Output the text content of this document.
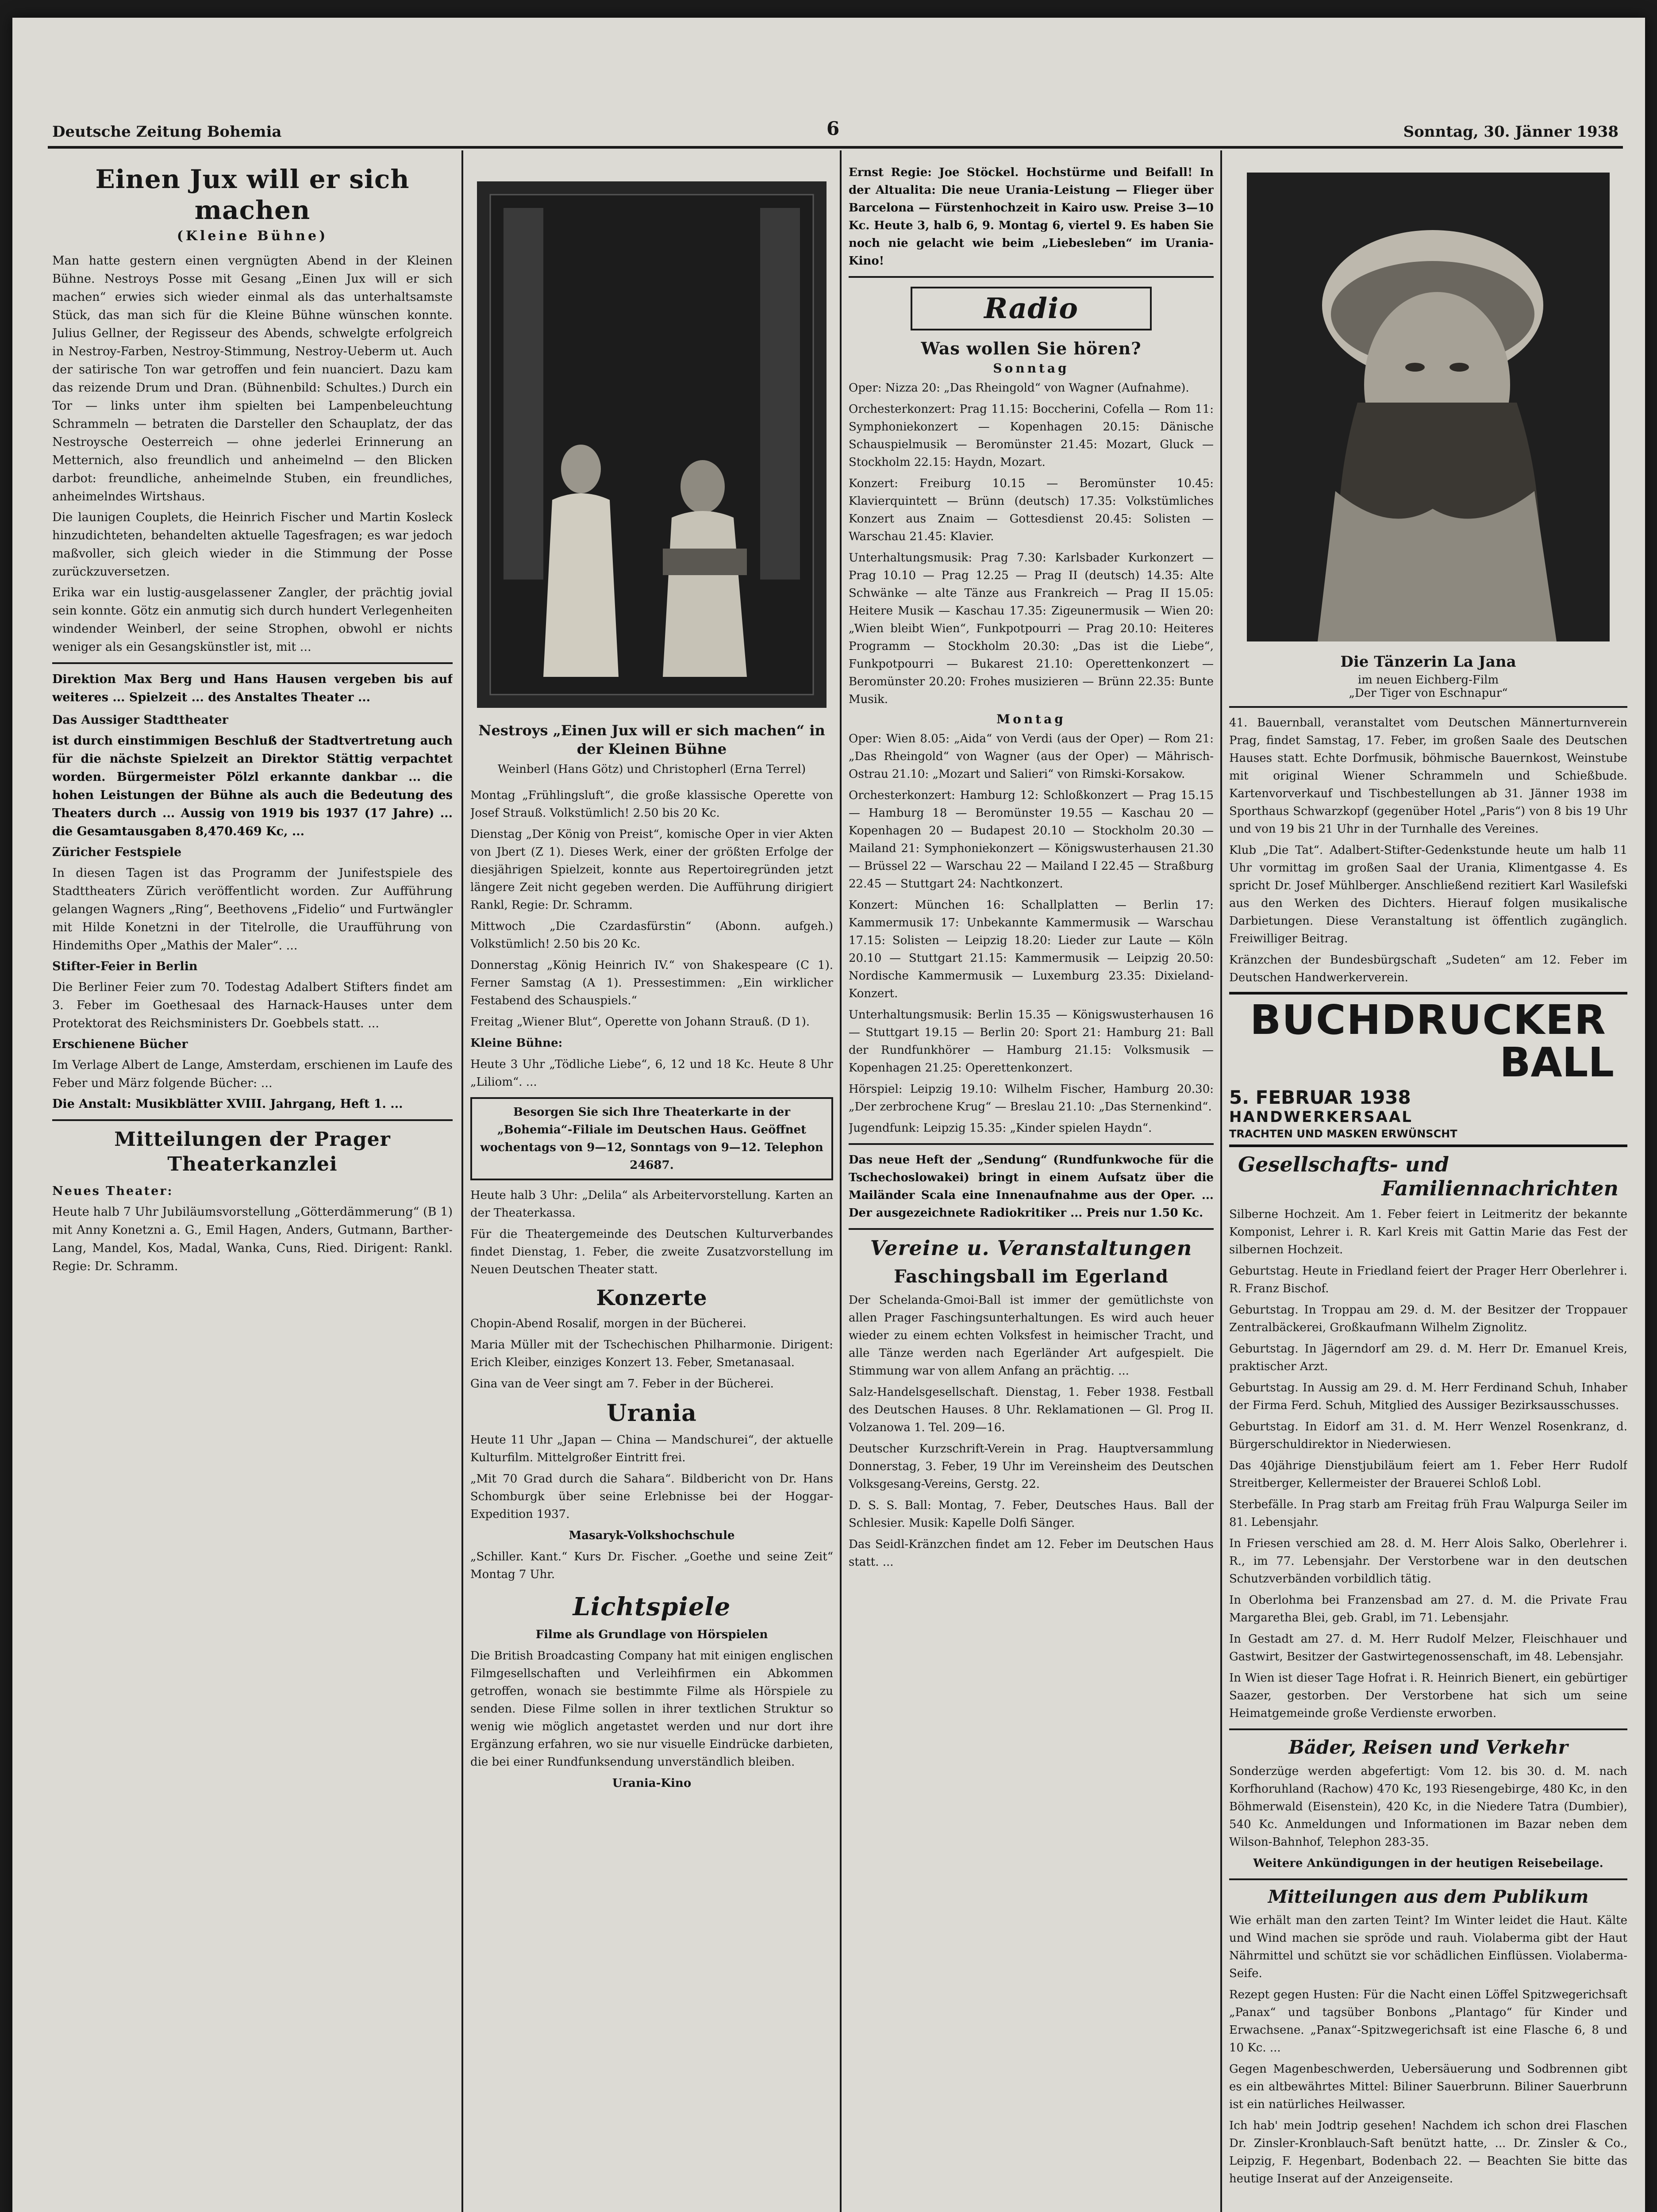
Deutsche Zeitung Bohemia	6	Sonntag, 30. Jänner 1938
Einen Jux will er sich machen
(Kleine Bühne)

Man hatte gestern einen vergnügten Abend in der Kleinen Bühne. Nestroys Posse mit Gesang „Einen Jux will er sich machen“ erwies sich wieder einmal als das unterhaltsamste Stück, das man sich für die Kleine Bühne wünschen konnte. Julius Gellner, der Regisseur des Abends, schwelgte erfolgreich in Nestroy-Farben, Nestroy-Stimmung, Nestroy-Ueberm ut. Auch der satirische Ton war getroffen und fein nuanciert. Dazu kam das reizende Drum und Dran. (Bühnenbild: Schultes.) Durch ein Tor — links unter ihm spielten bei Lampenbeleuchtung Schrammeln — betraten die Darsteller den Schauplatz, der das Nestroysche Oesterreich — ohne jederlei Erinnerung an Metternich, also freundlich und anheimelnd — den Blicken darbot: freundliche, anheimelnde Stuben, ein freundliches, anheimelndes Wirtshaus.

Die launigen Couplets, die Heinrich Fischer und Martin Kosleck hinzudichteten, behandelten aktuelle Tagesfragen; es war jedoch maßvoller, sich gleich wieder in die Stimmung der Posse zurückzuversetzen.

Erika war ein lustig-ausgelassener Zangler, der prächtig jovial sein konnte. Götz ein anmutig sich durch hundert Verlegenheiten windender Weinberl, der seine Strophen, obwohl er nichts weniger als ein Gesangskünstler ist, mit ...

Direktion Max Berg und Hans Hausen vergeben bis auf weiteres ... Spielzeit ... des Anstaltes Theater ...

Das Aussiger Stadttheater

ist durch einstimmigen Beschluß der Stadtvertretung auch für die nächste Spielzeit an Direktor Stättig verpachtet worden. Bürgermeister Pölzl erkannte dankbar ... die hohen Leistungen der Bühne als auch die Bedeutung des Theaters durch ... Aussig von 1919 bis 1937 (17 Jahre) ... die Gesamtausgaben 8,470.469 Kc, ...

Züricher Festspiele

In diesen Tagen ist das Programm der Junifestspiele des Stadttheaters Zürich veröffentlicht worden. Zur Aufführung gelangen Wagners „Ring“, Beethovens „Fidelio“ und Furtwängler mit Hilde Konetzni in der Titelrolle, die Uraufführung von Hindemiths Oper „Mathis der Maler“. ...

Stifter-Feier in Berlin

Die Berliner Feier zum 70. Todestag Adalbert Stifters findet am 3. Feber im Goethesaal des Harnack-Hauses unter dem Protektorat des Reichsministers Dr. Goebbels statt. ...

Erschienene Bücher

Im Verlage Albert de Lange, Amsterdam, erschienen im Laufe des Feber und März folgende Bücher: ...

Die Anstalt: Musikblätter XVIII. Jahrgang, Heft 1. ...

Mitteilungen der Prager Theaterkanzlei

Neues Theater:

Heute halb 7 Uhr Jubiläumsvorstellung „Götterdämmerung“ (B 1) mit Anny Konetzni a. G., Emil Hagen, Anders, Gutmann, Barther-Lang, Mandel, Kos, Madal, Wanka, Cuns, Ried. Dirigent: Rankl. Regie: Dr. Schramm.

Nestroys „Einen Jux will er sich machen“ in der Kleinen Bühne
Weinberl (Hans Götz) und Christopherl (Erna Terrel)

Montag „Frühlingsluft“, die große klassische Operette von Josef Strauß. Volkstümlich! 2.50 bis 20 Kc.

Dienstag „Der König von Preist“, komische Oper in vier Akten von Jbert (Z 1). Dieses Werk, einer der größten Erfolge der diesjährigen Spielzeit, konnte aus Repertoiregründen jetzt längere Zeit nicht gegeben werden. Die Aufführung dirigiert Rankl, Regie: Dr. Schramm.

Mittwoch „Die Czardasfürstin“ (Abonn. aufgeh.) Volkstümlich! 2.50 bis 20 Kc.

Donnerstag „König Heinrich IV.“ von Shakespeare (C 1). Ferner Samstag (A 1). Pressestimmen: „Ein wirklicher Festabend des Schauspiels.“

Freitag „Wiener Blut“, Operette von Johann Strauß. (D 1).

Kleine Bühne:

Heute 3 Uhr „Tödliche Liebe“, 6, 12 und 18 Kc. Heute 8 Uhr „Liliom“. ...

Besorgen Sie sich Ihre Theaterkarte in der „Bohemia“-Filiale im Deutschen Haus. Geöffnet wochentags von 9—12, Sonntags von 9—12. Telephon 24687.

Heute halb 3 Uhr: „Delila“ als Arbeitervorstellung. Karten an der Theaterkassa.

Für die Theatergemeinde des Deutschen Kulturverbandes findet Dienstag, 1. Feber, die zweite Zusatzvorstellung im Neuen Deutschen Theater statt.

Konzerte

Chopin-Abend Rosalif, morgen in der Bücherei.

Maria Müller mit der Tschechischen Philharmonie. Dirigent: Erich Kleiber, einziges Konzert 13. Feber, Smetanasaal.

Gina van de Veer singt am 7. Feber in der Bücherei.

Urania

Heute 11 Uhr „Japan — China — Mandschurei“, der aktuelle Kulturfilm. Mittelgroßer Eintritt frei.

„Mit 70 Grad durch die Sahara“. Bildbericht von Dr. Hans Schomburgk über seine Erlebnisse bei der Hoggar-Expedition 1937.

Masaryk-Volkshochschule

„Schiller. Kant.“ Kurs Dr. Fischer. „Goethe und seine Zeit“ Montag 7 Uhr.

Lichtspiele

Filme als Grundlage von Hörspielen

Die British Broadcasting Company hat mit einigen englischen Filmgesellschaften und Verleihfirmen ein Abkommen getroffen, wonach sie bestimmte Filme als Hörspiele zu senden. Diese Filme sollen in ihrer textlichen Struktur so wenig wie möglich angetastet werden und nur dort ihre Ergänzung erfahren, wo sie nur visuelle Eindrücke darbieten, die bei einer Rundfunksendung unverständlich bleiben.

Urania-Kino

Ernst Regie: Joe Stöckel. Hochstürme und Beifall! In der Altualita: Die neue Urania-Leistung — Flieger über Barcelona — Fürstenhochzeit in Kairo usw. Preise 3—10 Kc. Heute 3, halb 6, 9. Montag 6, viertel 9. Es haben Sie noch nie gelacht wie beim „Liebesleben“ im Urania-Kino!

Radio
Was wollen Sie hören?
Sonntag

Oper: Nizza 20: „Das Rheingold“ von Wagner (Aufnahme).

Orchesterkonzert: Prag 11.15: Boccherini, Cofella — Rom 11: Symphoniekonzert — Kopenhagen 20.15: Dänische Schauspielmusik — Beromünster 21.45: Mozart, Gluck — Stockholm 22.15: Haydn, Mozart.

Konzert: Freiburg 10.15 — Beromünster 10.45: Klavierquintett — Brünn (deutsch) 17.35: Volkstümliches Konzert aus Znaim — Gottesdienst 20.45: Solisten — Warschau 21.45: Klavier.

Unterhaltungsmusik: Prag 7.30: Karlsbader Kurkonzert — Prag 10.10 — Prag 12.25 — Prag II (deutsch) 14.35: Alte Schwänke — alte Tänze aus Frankreich — Prag II 15.05: Heitere Musik — Kaschau 17.35: Zigeunermusik — Wien 20: „Wien bleibt Wien“, Funkpotpourri — Prag 20.10: Heiteres Programm — Stockholm 20.30: „Das ist die Liebe“, Funkpotpourri — Bukarest 21.10: Operettenkonzert — Beromünster 20.20: Frohes musizieren — Brünn 22.35: Bunte Musik.

Montag

Oper: Wien 8.05: „Aida“ von Verdi (aus der Oper) — Rom 21: „Das Rheingold“ von Wagner (aus der Oper) — Mährisch-Ostrau 21.10: „Mozart und Salieri“ von Rimski-Korsakow.

Orchesterkonzert: Hamburg 12: Schloßkonzert — Prag 15.15 — Hamburg 18 — Beromünster 19.55 — Kaschau 20 — Kopenhagen 20 — Budapest 20.10 — Stockholm 20.30 — Mailand 21: Symphoniekonzert — Königswusterhausen 21.30 — Brüssel 22 — Warschau 22 — Mailand I 22.45 — Straßburg 22.45 — Stuttgart 24: Nachtkonzert.

Konzert: München 16: Schallplatten — Berlin 17: Kammermusik 17: Unbekannte Kammermusik — Warschau 17.15: Solisten — Leipzig 18.20: Lieder zur Laute — Köln 20.10 — Stuttgart 21.15: Kammermusik — Leipzig 20.50: Nordische Kammermusik — Luxemburg 23.35: Dixieland-Konzert.

Unterhaltungsmusik: Berlin 15.35 — Königswusterhausen 16 — Stuttgart 19.15 — Berlin 20: Sport 21: Hamburg 21: Ball der Rundfunkhörer — Hamburg 21.15: Volksmusik — Kopenhagen 21.25: Operettenkonzert.

Hörspiel: Leipzig 19.10: Wilhelm Fischer, Hamburg 20.30: „Der zerbrochene Krug“ — Breslau 21.10: „Das Sternenkind“.

Jugendfunk: Leipzig 15.35: „Kinder spielen Haydn“.

Das neue Heft der „Sendung“ (Rundfunkwoche für die Tschechoslowakei) bringt in einem Aufsatz über die Mailänder Scala eine Innenaufnahme aus der Oper. ... Der ausgezeichnete Radiokritiker ... Preis nur 1.50 Kc.

Vereine u. Veranstaltungen
Faschingsball im Egerland

Der Schelanda-Gmoi-Ball ist immer der gemütlichste von allen Prager Faschingsunterhaltungen. Es wird auch heuer wieder zu einem echten Volksfest in heimischer Tracht, und alle Tänze werden nach Egerländer Art aufgespielt. Die Stimmung war von allem Anfang an prächtig. ...

Salz-Handelsgesellschaft. Dienstag, 1. Feber 1938. Festball des Deutschen Hauses. 8 Uhr. Reklamationen — Gl. Prog II. Volzanowa 1. Tel. 209—16.

Deutscher Kurzschrift-Verein in Prag. Hauptversammlung Donnerstag, 3. Feber, 19 Uhr im Vereinsheim des Deutschen Volksgesang-Vereins, Gerstg. 22.

D. S. S. Ball: Montag, 7. Feber, Deutsches Haus. Ball der Schlesier. Musik: Kapelle Dolfi Sänger.

Das Seidl-Kränzchen findet am 12. Feber im Deutschen Haus statt. ...

Die Tänzerin La Jana
im neuen Eichberg-Film
„Der Tiger von Eschnapur“

41. Bauernball, veranstaltet vom Deutschen Männerturnverein Prag, findet Samstag, 17. Feber, im großen Saale des Deutschen Hauses statt. Echte Dorfmusik, böhmische Bauernkost, Weinstube mit original Wiener Schrammeln und Schießbude. Kartenvorverkauf und Tischbestellungen ab 31. Jänner 1938 im Sporthaus Schwarzkopf (gegenüber Hotel „Paris“) von 8 bis 19 Uhr und von 19 bis 21 Uhr in der Turnhalle des Vereines.

Klub „Die Tat“. Adalbert-Stifter-Gedenkstunde heute um halb 11 Uhr vormittag im großen Saal der Urania, Klimentgasse 4. Es spricht Dr. Josef Mühlberger. Anschließend rezitiert Karl Wasilefski aus den Werken des Dichters. Hierauf folgen musikalische Darbietungen. Diese Veranstaltung ist öffentlich zugänglich. Freiwilliger Beitrag.

Kränzchen der Bundesbürgschaft „Sudeten“ am 12. Feber im Deutschen Handwerkerverein.

BUCHDRUCKER
BALL
5. FEBRUAR 1938
HANDWERKERSAAL
TRACHTEN UND MASKEN ERWÜNSCHT
Gesellschafts- und
Familiennachrichten

Silberne Hochzeit. Am 1. Feber feiert in Leitmeritz der bekannte Komponist, Lehrer i. R. Karl Kreis mit Gattin Marie das Fest der silbernen Hochzeit.

Geburtstag. Heute in Friedland feiert der Prager Herr Oberlehrer i. R. Franz Bischof.

Geburtstag. In Troppau am 29. d. M. der Besitzer der Troppauer Zentralbäckerei, Großkaufmann Wilhelm Zignolitz.

Geburtstag. In Jägerndorf am 29. d. M. Herr Dr. Emanuel Kreis, praktischer Arzt.

Geburtstag. In Aussig am 29. d. M. Herr Ferdinand Schuh, Inhaber der Firma Ferd. Schuh, Mitglied des Aussiger Bezirksausschusses.

Geburtstag. In Eidorf am 31. d. M. Herr Wenzel Rosenkranz, d. Bürgerschuldirektor in Niederwiesen.

Das 40jährige Dienstjubiläum feiert am 1. Feber Herr Rudolf Streitberger, Kellermeister der Brauerei Schloß Lobl.

Sterbefälle. In Prag starb am Freitag früh Frau Walpurga Seiler im 81. Lebensjahr.

In Friesen verschied am 28. d. M. Herr Alois Salko, Oberlehrer i. R., im 77. Lebensjahr. Der Verstorbene war in den deutschen Schutzverbänden vorbildlich tätig.

In Oberlohma bei Franzensbad am 27. d. M. die Private Frau Margaretha Blei, geb. Grabl, im 71. Lebensjahr.

In Gestadt am 27. d. M. Herr Rudolf Melzer, Fleischhauer und Gastwirt, Besitzer der Gastwirtegenossenschaft, im 48. Lebensjahr.

In Wien ist dieser Tage Hofrat i. R. Heinrich Bienert, ein gebürtiger Saazer, gestorben. Der Verstorbene hat sich um seine Heimatgemeinde große Verdienste erworben.

Bäder, Reisen und Verkehr

Sonderzüge werden abgefertigt: Vom 12. bis 30. d. M. nach Korfhoruhland (Rachow) 470 Kc, 193 Riesengebirge, 480 Kc, in den Böhmerwald (Eisenstein), 420 Kc, in die Niedere Tatra (Dumbier), 540 Kc. Anmeldungen und Informationen im Bazar neben dem Wilson-Bahnhof, Telephon 283-35.

Weitere Ankündigungen in der heutigen Reisebeilage.

Mitteilungen aus dem Publikum

Wie erhält man den zarten Teint? Im Winter leidet die Haut. Kälte und Wind machen sie spröde und rauh. Violaberma gibt der Haut Nährmittel und schützt sie vor schädlichen Einflüssen. Violaberma-Seife.

Rezept gegen Husten: Für die Nacht einen Löffel Spitzwegerichsaft „Panax“ und tagsüber Bonbons „Plantago“ für Kinder und Erwachsene. „Panax“-Spitzwegerichsaft ist eine Flasche 6, 8 und 10 Kc. ...

Gegen Magenbeschwerden, Uebersäuerung und Sodbrennen gibt es ein altbewährtes Mittel: Biliner Sauerbrunn. Biliner Sauerbrunn ist ein natürliches Heilwasser.

Ich hab' mein Jodtrip gesehen! Nachdem ich schon drei Flaschen Dr. Zinsler-Kronblauch-Saft benützt hatte, ... Dr. Zinsler & Co., Leipzig, F. Hegenbart, Bodenbach 22. — Beachten Sie bitte das heutige Inserat auf der Anzeigenseite.
